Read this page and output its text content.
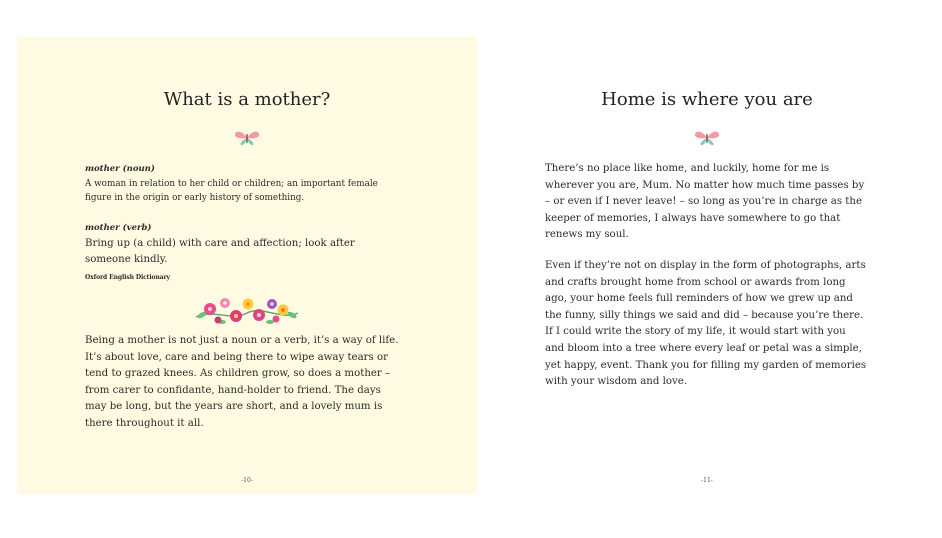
What is a mother?

mother (noun)

A woman in relation to her child or children; an important female figure in the origin or early history of something.

mother (verb)

Bring up (a child) with care and affection; look after someone kindly.

Oxford English Dictionary

Being a mother is not just a noun or a verb, it’s a way of life. It’s about love, care and being there to wipe away tears or tend to grazed knees. As children grow, so does a mother – from carer to confidante, hand-holder to friend. The days may be long, but the years are short, and a lovely mum is there throughout it all.

-10-
Home is where you are

There’s no place like home, and luckily, home for me is wherever you are, Mum. No matter how much time passes by – or even if I never leave! – so long as you’re in charge as the keeper of memories, I always have somewhere to go that renews my soul.

Even if they’re not on display in the form of photographs, arts and crafts brought home from school or awards from long ago, your home feels full reminders of how we grew up and the funny, silly things we said and did – because you’re there. If I could write the story of my life, it would start with you and bloom into a tree where every leaf or petal was a simple, yet happy, event. Thank you for filling my garden of memories with your wisdom and love.

-11-
